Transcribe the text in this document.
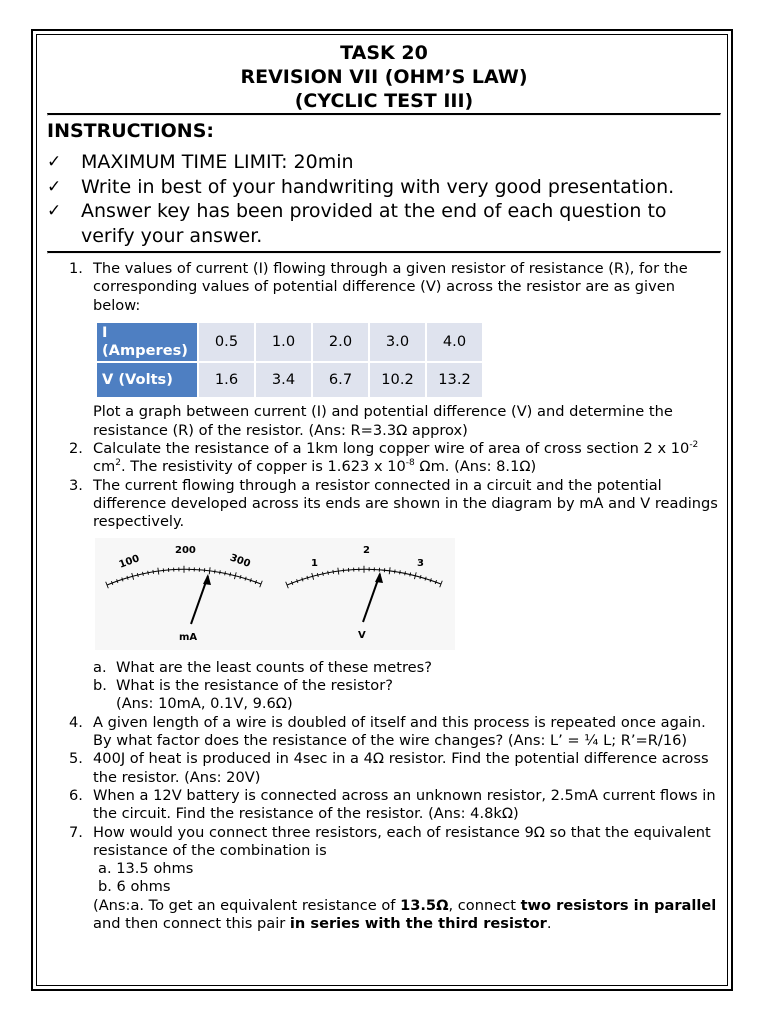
TASK 20
REVISION VII (OHM’S LAW)
(CYCLIC TEST III)
INSTRUCTIONS:
✓ MAXIMUM TIME LIMIT: 20min
✓ Write in best of your handwriting with very good presentation.
✓ Answer key has been provided at the end of each question to verify your answer.
1. The values of current (I) flowing through a given resistor of resistance (R), for the corresponding values of potential difference (V) across the resistor are as given below:
I (Amperes)	0.5	1.0	2.0	3.0	4.0
V (Volts)	1.6	3.4	6.7	10.2	13.2
Plot a graph between current (I) and potential difference (V) and determine the resistance (R) of the resistor. (Ans: R=3.3Ω approx)
2. Calculate the resistance of a 1km long copper wire of area of cross section 2 x $10^{-2}$ $cm^2$. The resistivity of copper is 1.623 x $10^{-8}$ Ωm. (Ans: 8.1Ω)
3. The current flowing through a resistor connected in a circuit and the potential difference developed across its ends are shown in the diagram by mA and V readings respectively.
100
200
300
mA
1
2
3
V
a. What are the least counts of these metres?
b. What is the resistance of the resistor?
(Ans: 10mA, 0.1V, 9.6Ω)
4. A given length of a wire is doubled of itself and this process is repeated once again. By what factor does the resistance of the wire changes? (Ans: L’ = ¼ L; R’=R/16)
5. 400J of heat is produced in 4sec in a 4Ω resistor. Find the potential difference across the resistor. (Ans: 20V)
6. When a 12V battery is connected across an unknown resistor, 2.5mA current flows in the circuit. Find the resistance of the resistor. (Ans: 4.8kΩ)
7. How would you connect three resistors, each of resistance 9Ω so that the equivalent resistance of the combination is
a. 13.5 ohms
b. 6 ohms
(Ans:a. To get an equivalent resistance of 13.5Ω, connect two resistors in parallel and then connect this pair in series with the third resistor.
